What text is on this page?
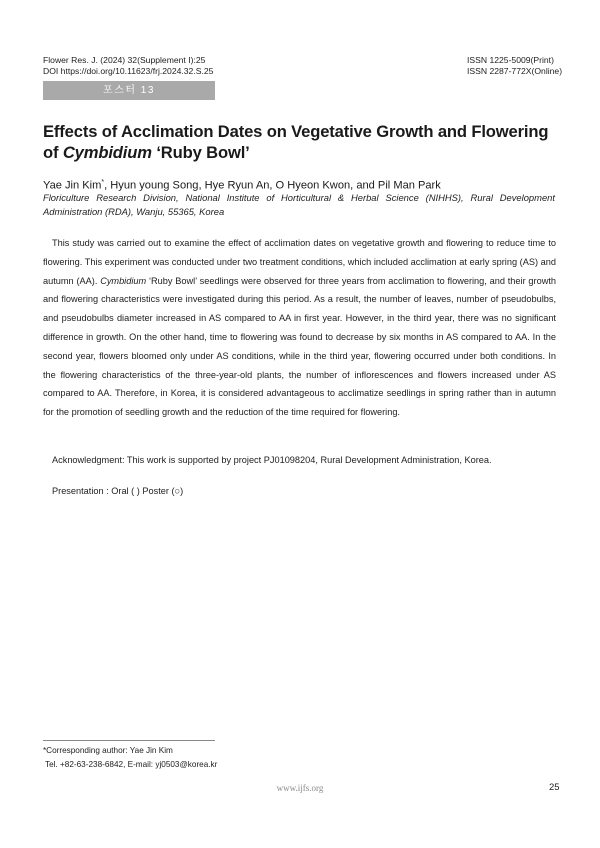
Flower Res. J. (2024) 32(Supplement I):25
DOI https://doi.org/10.11623/frj.2024.32.S.25
ISSN 1225-5009(Print)
ISSN 2287-772X(Online)
포스터 13
Effects of Acclimation Dates on Vegetative Growth and Flowering of Cymbidium ‘Ruby Bowl’
Yae Jin Kim*, Hyun young Song, Hye Ryun An, O Hyeon Kwon, and Pil Man Park
Floriculture Research Division, National Institute of Horticultural & Herbal Science (NIHHS), Rural Development Administration (RDA), Wanju, 55365, Korea

This study was carried out to examine the effect of acclimation dates on vegetative growth and flowering to reduce time to flowering. This experiment was conducted under two treatment conditions, which included acclimation at early spring (AS) and autumn (AA). Cymbidium ‘Ruby Bowl’ seedlings were observed for three years from acclimation to flowering, and their growth and flowering characteristics were investigated during this period. As a result, the number of leaves, number of pseudobulbs, and pseudobulbs diameter increased in AS compared to AA in first year. However, in the third year, there was no significant difference in growth. On the other hand, time to flowering was found to decrease by six months in AS compared to AA. In the second year, flowers bloomed only under AS conditions, while in the third year, flowering occurred under both conditions. In the flowering characteristics of the three-year-old plants, the number of inflorescences and flowers increased under AS compared to AA. Therefore, in Korea, it is considered advantageous to acclimatize seedlings in spring rather than in autumn for the promotion of seedling growth and the reduction of the time required for flowering.

Acknowledgment: This work is supported by project PJ01098204, Rural Development Administration, Korea.
Presentation : Oral ( ) Poster (○)
*Corresponding author: Yae Jin Kim
Tel. +82-63-238-6842, E-mail: yj0503@korea.kr
www.ijfs.org	25
